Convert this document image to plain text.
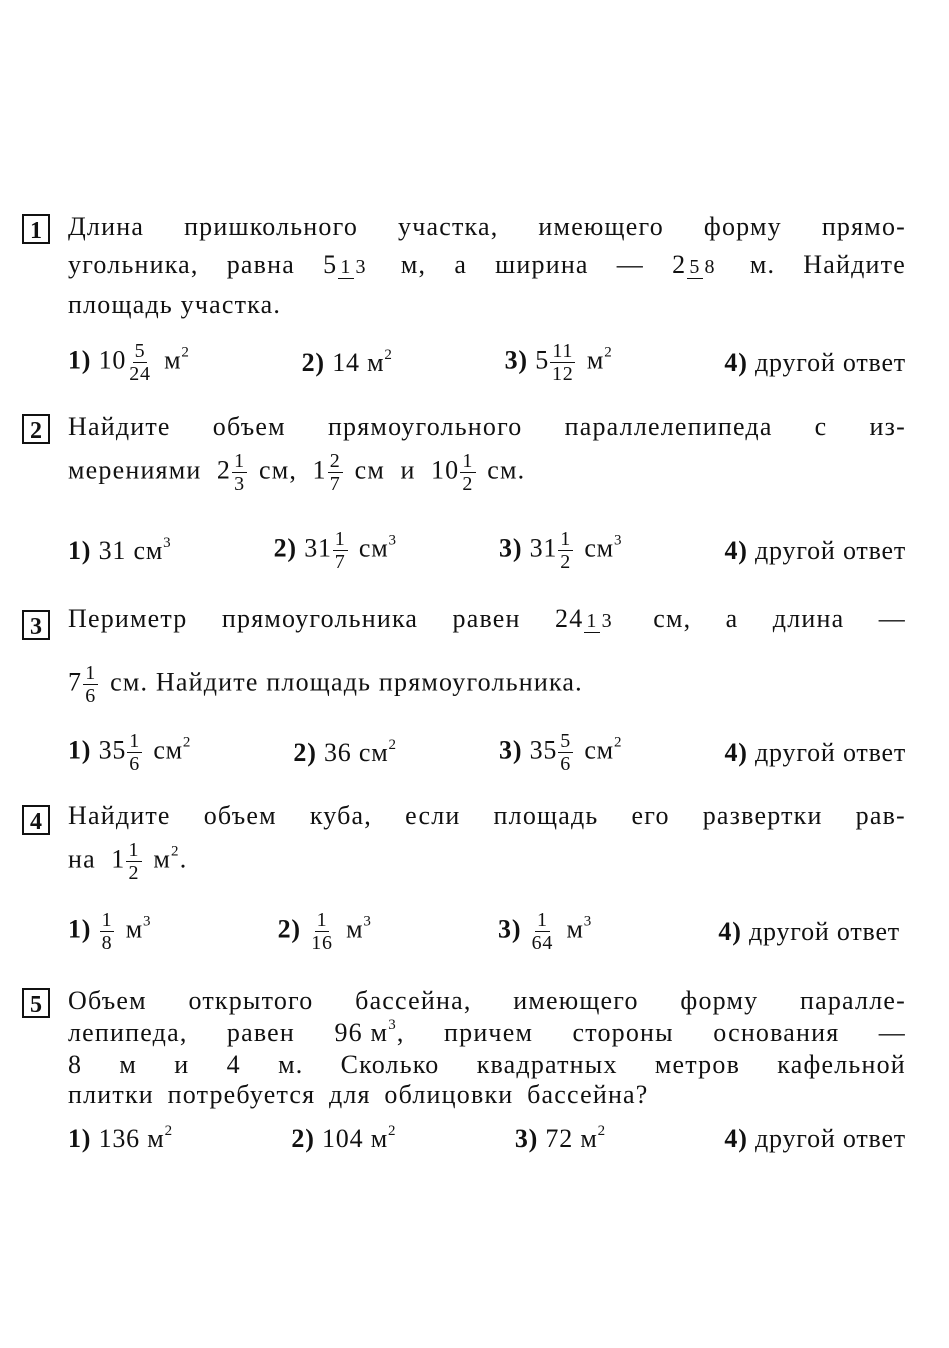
1	Длина пришкольного участка, имеющего форму прямо-
угольника, равна 5 1 3 м, а ширина — 2 5 8 м. Найдите
площадь участка.
1) $10 \frac{5}{24} м^2$	2) 14 $м^2$	3) $5 \frac{11}{12} м^2$	4) другой ответ
2	Найдите объем прямоугольного параллелепипеда с из-
мерениями $2 \frac{1}{3}$ см, $1 \frac{2}{7}$ см и $10 \frac{1}{2}$ см.
1) 31 $см^3$	2) $31 \frac{1}{7} см^3$	3) $31 \frac{1}{2} см^3$	4) другой ответ
3	Периметр прямоугольника равен 24 1 3 см, а длина —
$7 \frac{1}{6}$ см. Найдите площадь прямоугольника.
1) $35 \frac{1}{6} см^2$	2) 36 $см^2$	3) $35 \frac{5}{6} см^2$	4) другой ответ
4	Найдите объем куба, если площадь его развертки рав-
на $1 \frac{1}{2} м^2$.
$1) \frac{1}{8} м^3$	$2) \frac{1}{16} м^3$	$3) \frac{1}{64} м^3$	4) другой ответ
5	Объем открытого бассейна, имеющего форму паралле-
лепипеда, равен 96 $м^3$, причем стороны основания —
8 м и 4 м. Сколько квадратных метров кафельной
плитки потребуется для облицовки бассейна?
1) 136 $м^2$	2) 104 $м^2$	3) 72 $м^2$	4) другой ответ
